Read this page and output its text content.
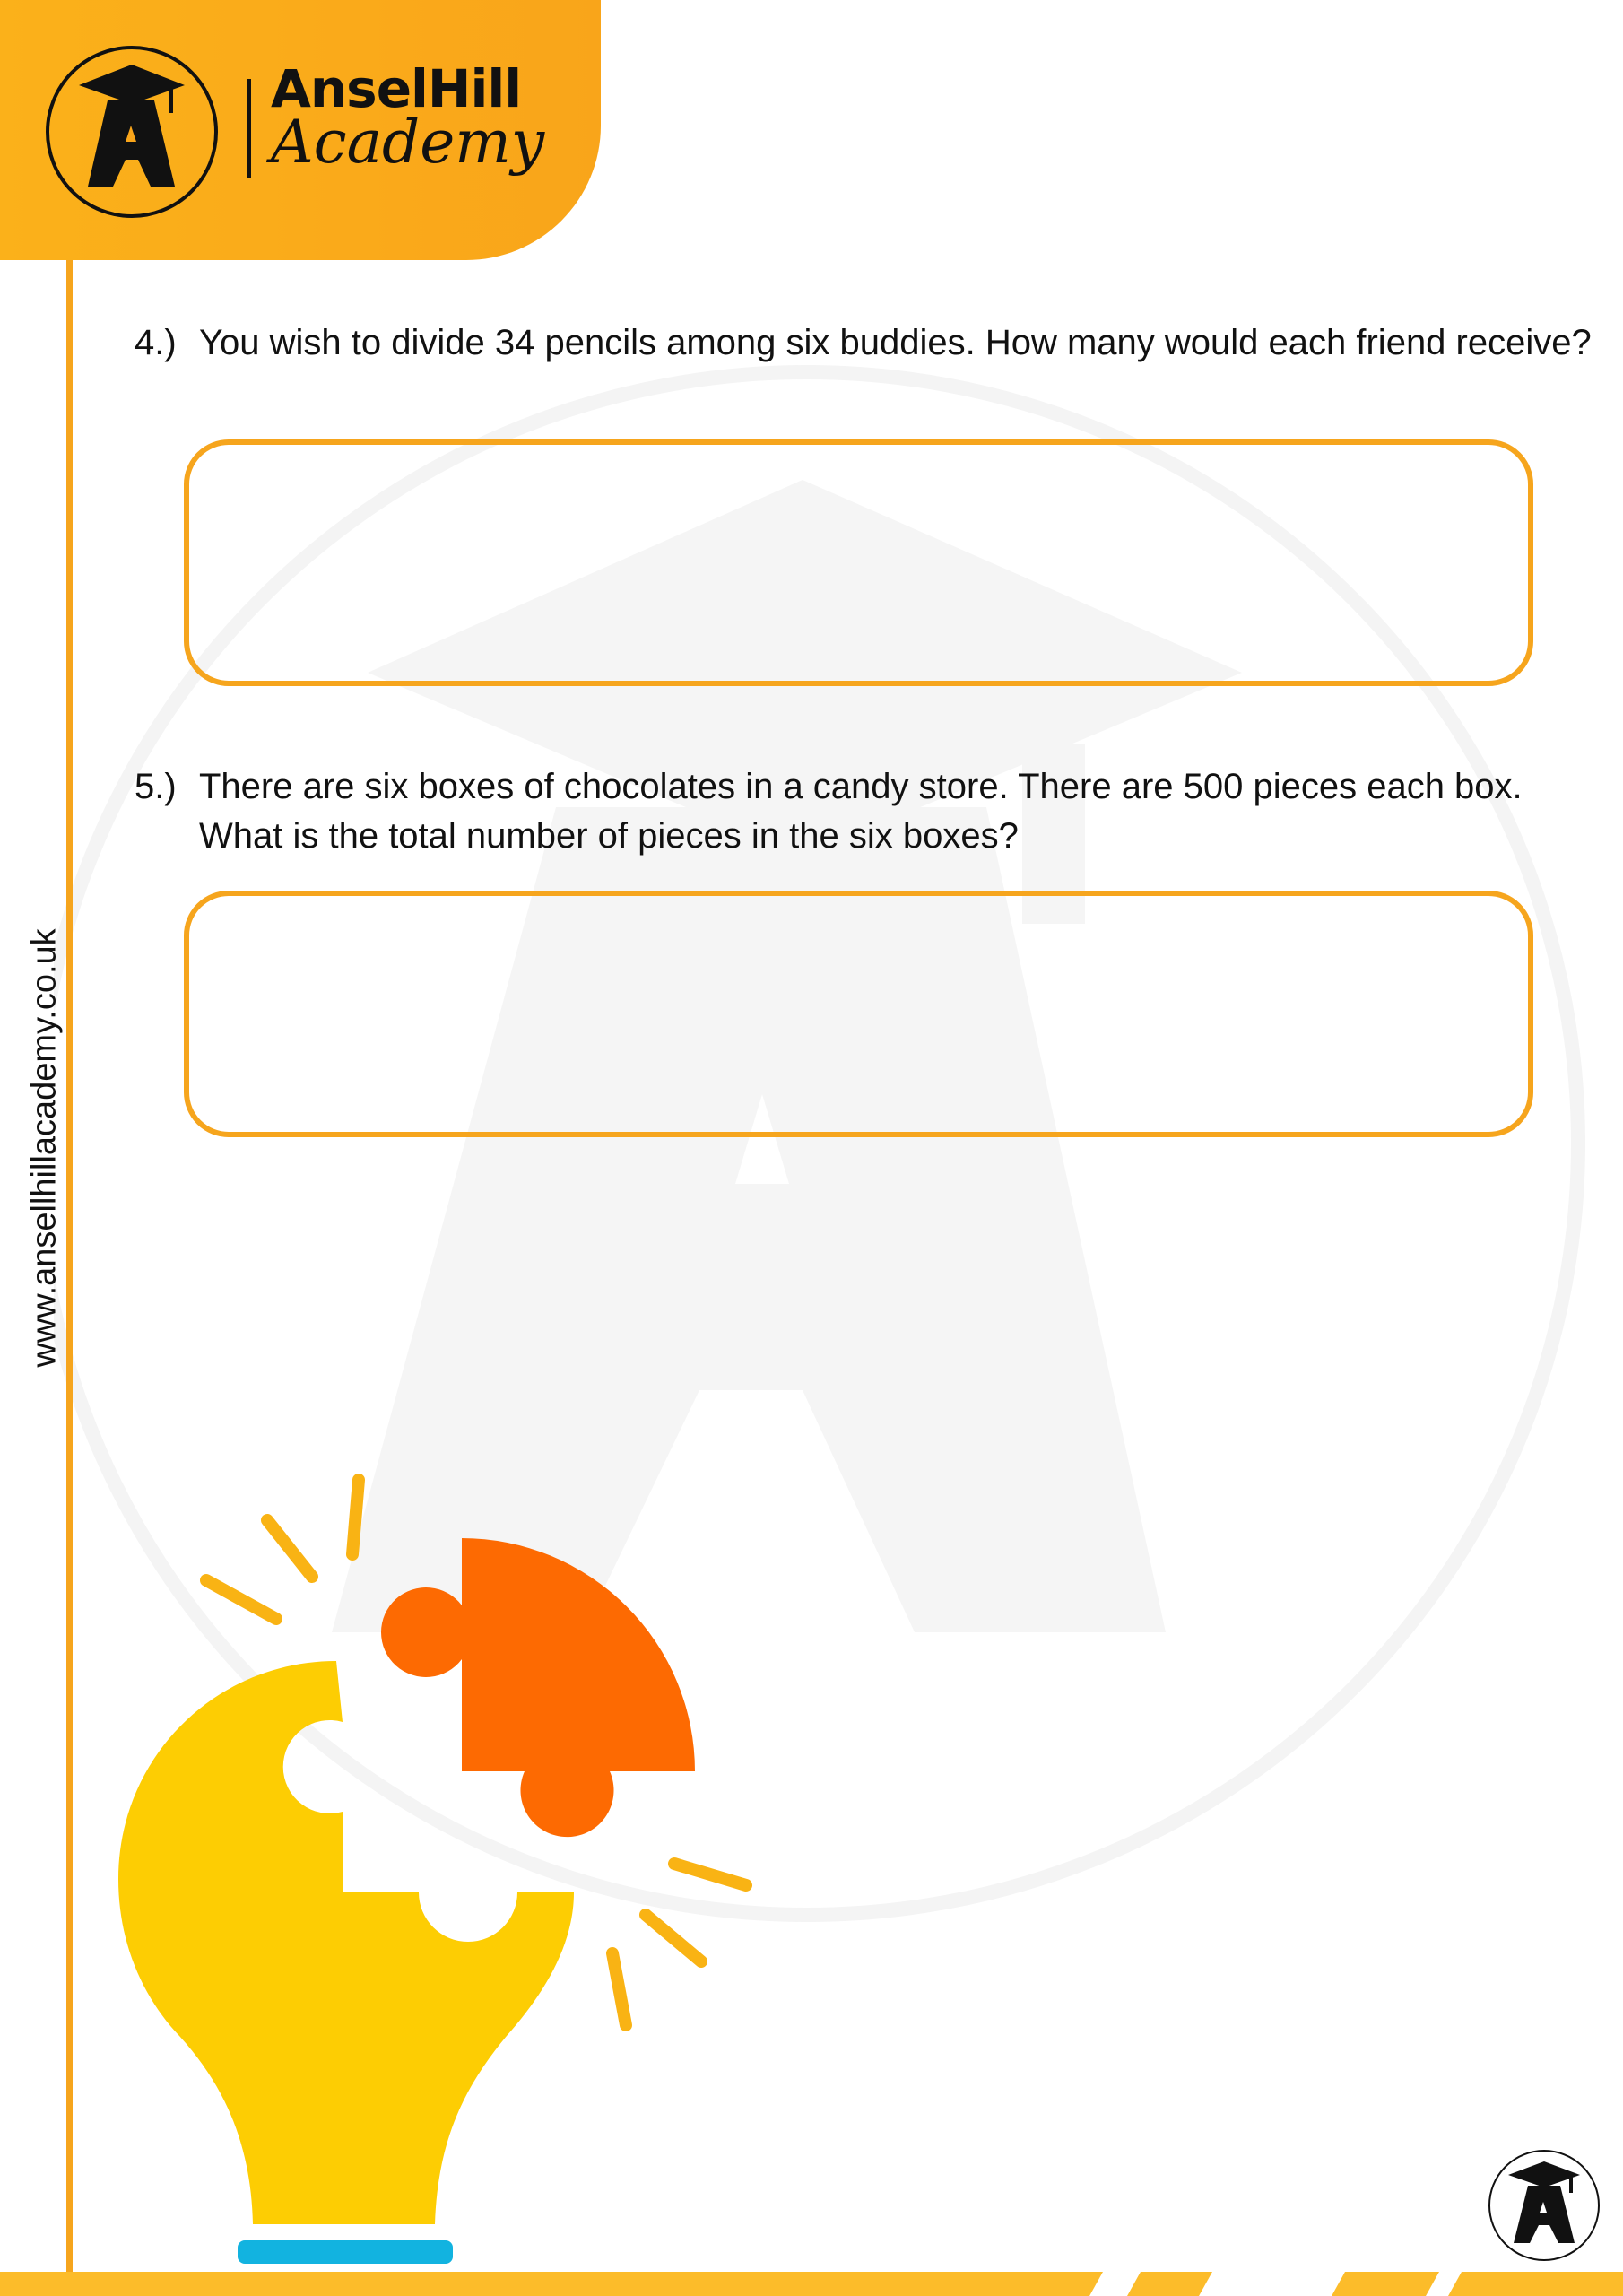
AnselHill
Academy
www.ansellhillacademy.co.uk
4.) You wish to divide 34 pencils among six buddies. How many would each friend receive?
5.) There are six boxes of chocolates in a candy store. There are 500 pieces each box. What is the total number of pieces in the six boxes?
